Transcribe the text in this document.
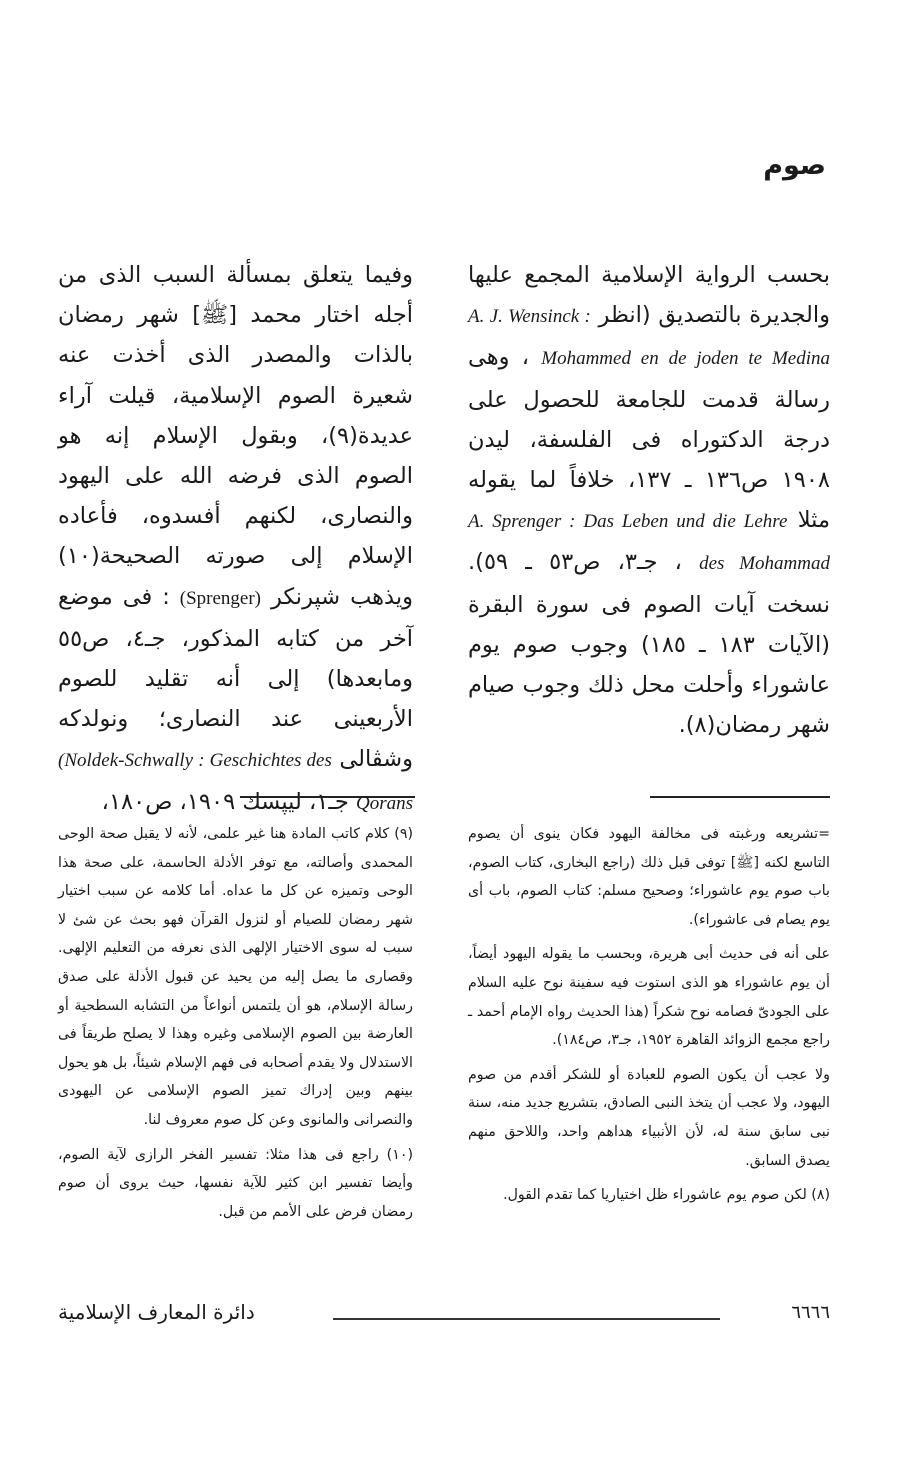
صوم

بحسب الرواية الإسلامية المجمع عليها والجديرة بالتصديق (انظر A. J. Wensinck : Mohammed en de joden te Medina ، وهى رسالة قدمت للجامعة للحصول على درجة الدكتوراه فى الفلسفة، ليدن ١٩٠٨ ص١٣٦ ـ ١٣٧، خلافاً لما يقوله مثلا A. Sprenger : Das Leben und die Lehre des Mohammad ، جـ٣، ص٥٣ ـ ٥٩). نسخت آيات الصوم فى سورة البقرة (الآيات ١٨٣ ـ ١٨٥) وجوب صوم يوم عاشوراء وأحلت محل ذلك وجوب صيام شهر رمضان(٨).

وفيما يتعلق بمسألة السبب الذى من أجله اختار محمد [ﷺ] شهر رمضان بالذات والمصدر الذى أخذت عنه شعيرة الصوم الإسلامية، قيلت آراء عديدة(٩)، وبقول الإسلام إنه هو الصوم الذى فرضه الله على اليهود والنصارى، لكنهم أفسدوه، فأعاده الإسلام إلى صورته الصحيحة(١٠) ويذهب شپرنكر (Sprenger) : فى موضع آخر من كتابه المذكور، جـ٤، ص٥٥ ومابعدها) إلى أنه تقليد للصوم الأربعينى عند النصارى؛ ونولدكه وشڤالى (Noldek-Schwally : Geschichtes des Qorans جـ١، ليپسك ١٩٠٩، ص١٨٠،

=تشريعه ورغبته فى مخالفة اليهود فكان ينوى أن يصوم التاسع لكنه [ﷺ] توفى قبل ذلك (راجع البخارى، كتاب الصوم، باب صوم يوم عاشوراء؛ وصحيح مسلم: كتاب الصوم، باب أى يوم يصام فى عاشوراء).

على أنه فى حديث أبى هريرة، وبحسب ما يقوله اليهود أيضاً، أن يوم عاشوراء هو الذى استوت فيه سفينة نوح عليه السلام على الجودىّ فصامه نوح شكراً (هذا الحديث رواه الإمام أحمد ـ راجع مجمع الزوائد القاهرة ١٩٥٢، جـ٣، ص١٨٤).

ولا عجب أن يكون الصوم للعبادة أو للشكر أقدم من صوم اليهود، ولا عجب أن يتخذ النبى الصادق، بتشريع جديد منه، سنة نبى سابق سنة له، لأن الأنبياء هداهم واحد، واللاحق منهم يصدق السابق.

(٨) لكن صوم يوم عاشوراء ظل اختياريا كما تقدم القول.

(٩) كلام كاتب المادة هنا غير علمى، لأنه لا يقبل صحة الوحى المحمدى وأصالته، مع توفر الأدلة الحاسمة، على صحة هذا الوحى وتميزه عن كل ما عداه. أما كلامه عن سبب اختيار شهر رمضان للصيام أو لنزول القرآن فهو بحث عن شئ لا سبب له سوى الاختيار الإلهى الذى نعرفه من التعليم الإلهى. وقصارى ما يصل إليه من يحيد عن قبول الأدلة على صدق رسالة الإسلام، هو أن يلتمس أنواعاً من التشابه السطحية أو العارضة بين الصوم الإسلامى وغيره وهذا لا يصلح طريقاً فى الاستدلال ولا يقدم أصحابه فى فهم الإسلام شيئاً، بل هو يحول بينهم وبين إدراك تميز الصوم الإسلامى عن اليهودى والنصرانى والمانوى وعن كل صوم معروف لنا.

(١٠) راجع فى هذا مثلا: تفسير الفخر الرازى لآية الصوم، وأيضا تفسير ابن كثير للآية نفسها، حيث يروى أن صوم رمضان فرض على الأمم من قبل.

دائرة المعارف الإسلامية	٦٦٦٦
